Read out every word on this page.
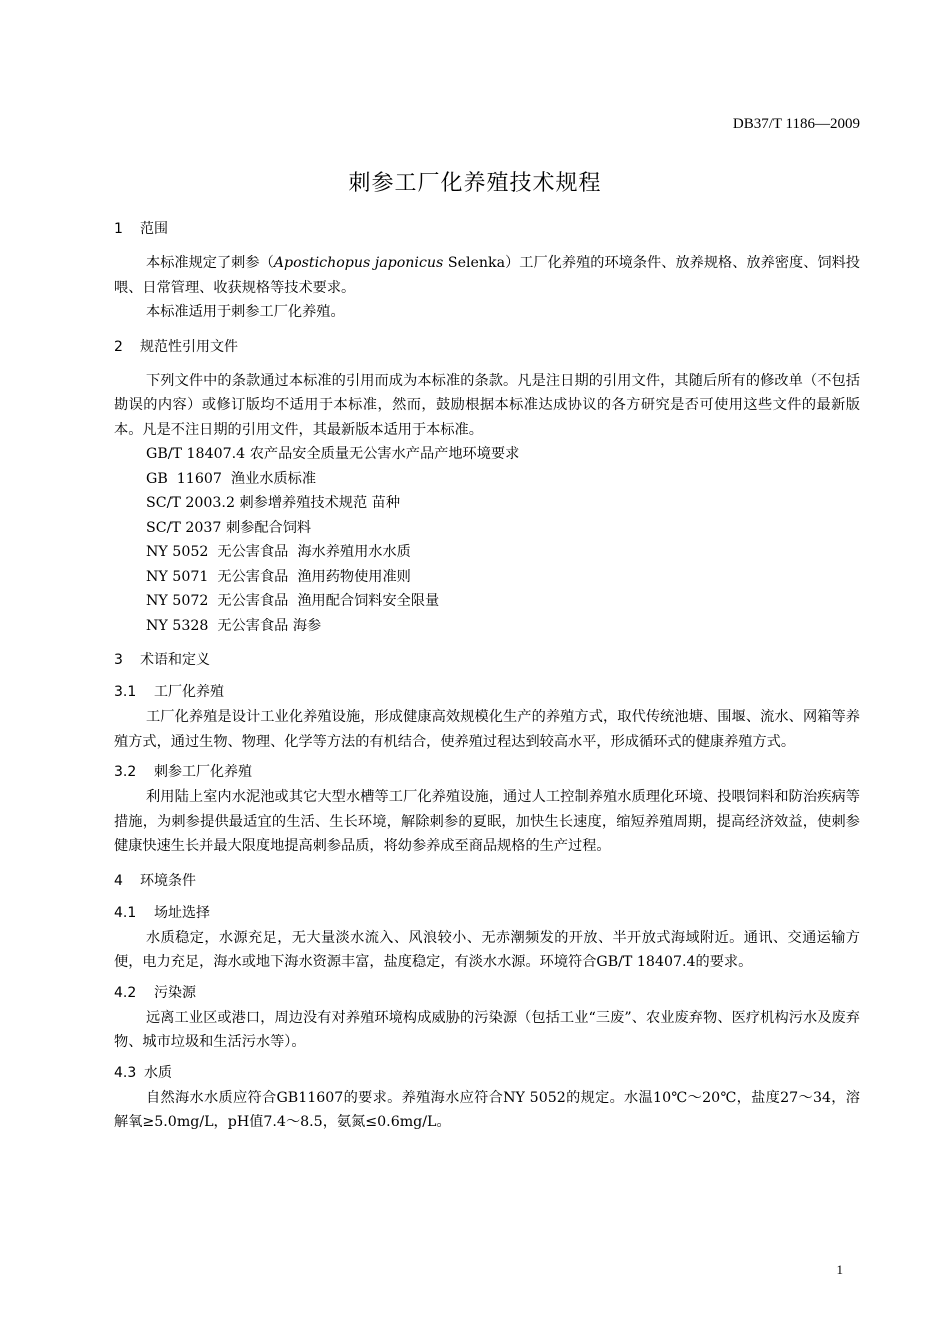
DB37/T 1186—2009
刺参工厂化养殖技术规程
1 范围

本标准规定了刺参（Apostichopus japonicus Selenka）工厂化养殖的环境条件、放养规格、放养密度、饲料投喂、日常管理、收获规格等技术要求。

本标准适用于刺参工厂化养殖。

2 规范性引用文件

下列文件中的条款通过本标准的引用而成为本标准的条款。凡是注日期的引用文件，其随后所有的修改单（不包括勘误的内容）或修订版均不适用于本标准，然而，鼓励根据本标准达成协议的各方研究是否可使用这些文件的最新版本。凡是不注日期的引用文件，其最新版本适用于本标准。

GB/T 18407.4 农产品安全质量无公害水产品产地环境要求
GB  11607  渔业水质标准
SC/T 2003.2 刺参增养殖技术规范 苗种
SC/T 2037 刺参配合饲料
NY 5052  无公害食品  海水养殖用水水质
NY 5071  无公害食品  渔用药物使用准则
NY 5072  无公害食品  渔用配合饲料安全限量
NY 5328  无公害食品 海参
3 术语和定义
3.1 工厂化养殖

工厂化养殖是设计工业化养殖设施，形成健康高效规模化生产的养殖方式，取代传统池塘、围堰、流水、网箱等养殖方式，通过生物、物理、化学等方法的有机结合，使养殖过程达到较高水平，形成循环式的健康养殖方式。

3.2 刺参工厂化养殖

利用陆上室内水泥池或其它大型水槽等工厂化养殖设施，通过人工控制养殖水质理化环境、投喂饲料和防治疾病等措施，为刺参提供最适宜的生活、生长环境，解除刺参的夏眠，加快生长速度，缩短养殖周期，提高经济效益，使刺参健康快速生长并最大限度地提高刺参品质，将幼参养成至商品规格的生产过程。

4 环境条件
4.1 场址选择

水质稳定，水源充足，无大量淡水流入、风浪较小、无赤潮频发的开放、半开放式海域附近。通讯、交通运输方便，电力充足，海水或地下海水资源丰富，盐度稳定，有淡水水源。环境符合GB/T 18407.4的要求。

4.2 污染源

远离工业区或港口，周边没有对养殖环境构成威胁的污染源（包括工业“三废”、农业废弃物、医疗机构污水及废弃物、城市垃圾和生活污水等）。

4.3 水质

自然海水水质应符合GB11607的要求。养殖海水应符合NY 5052的规定。水温10℃～20℃，盐度27～34，溶解氧≥5.0mg/L，pH值7.4～8.5，氨氮≤0.6mg/L。

1
